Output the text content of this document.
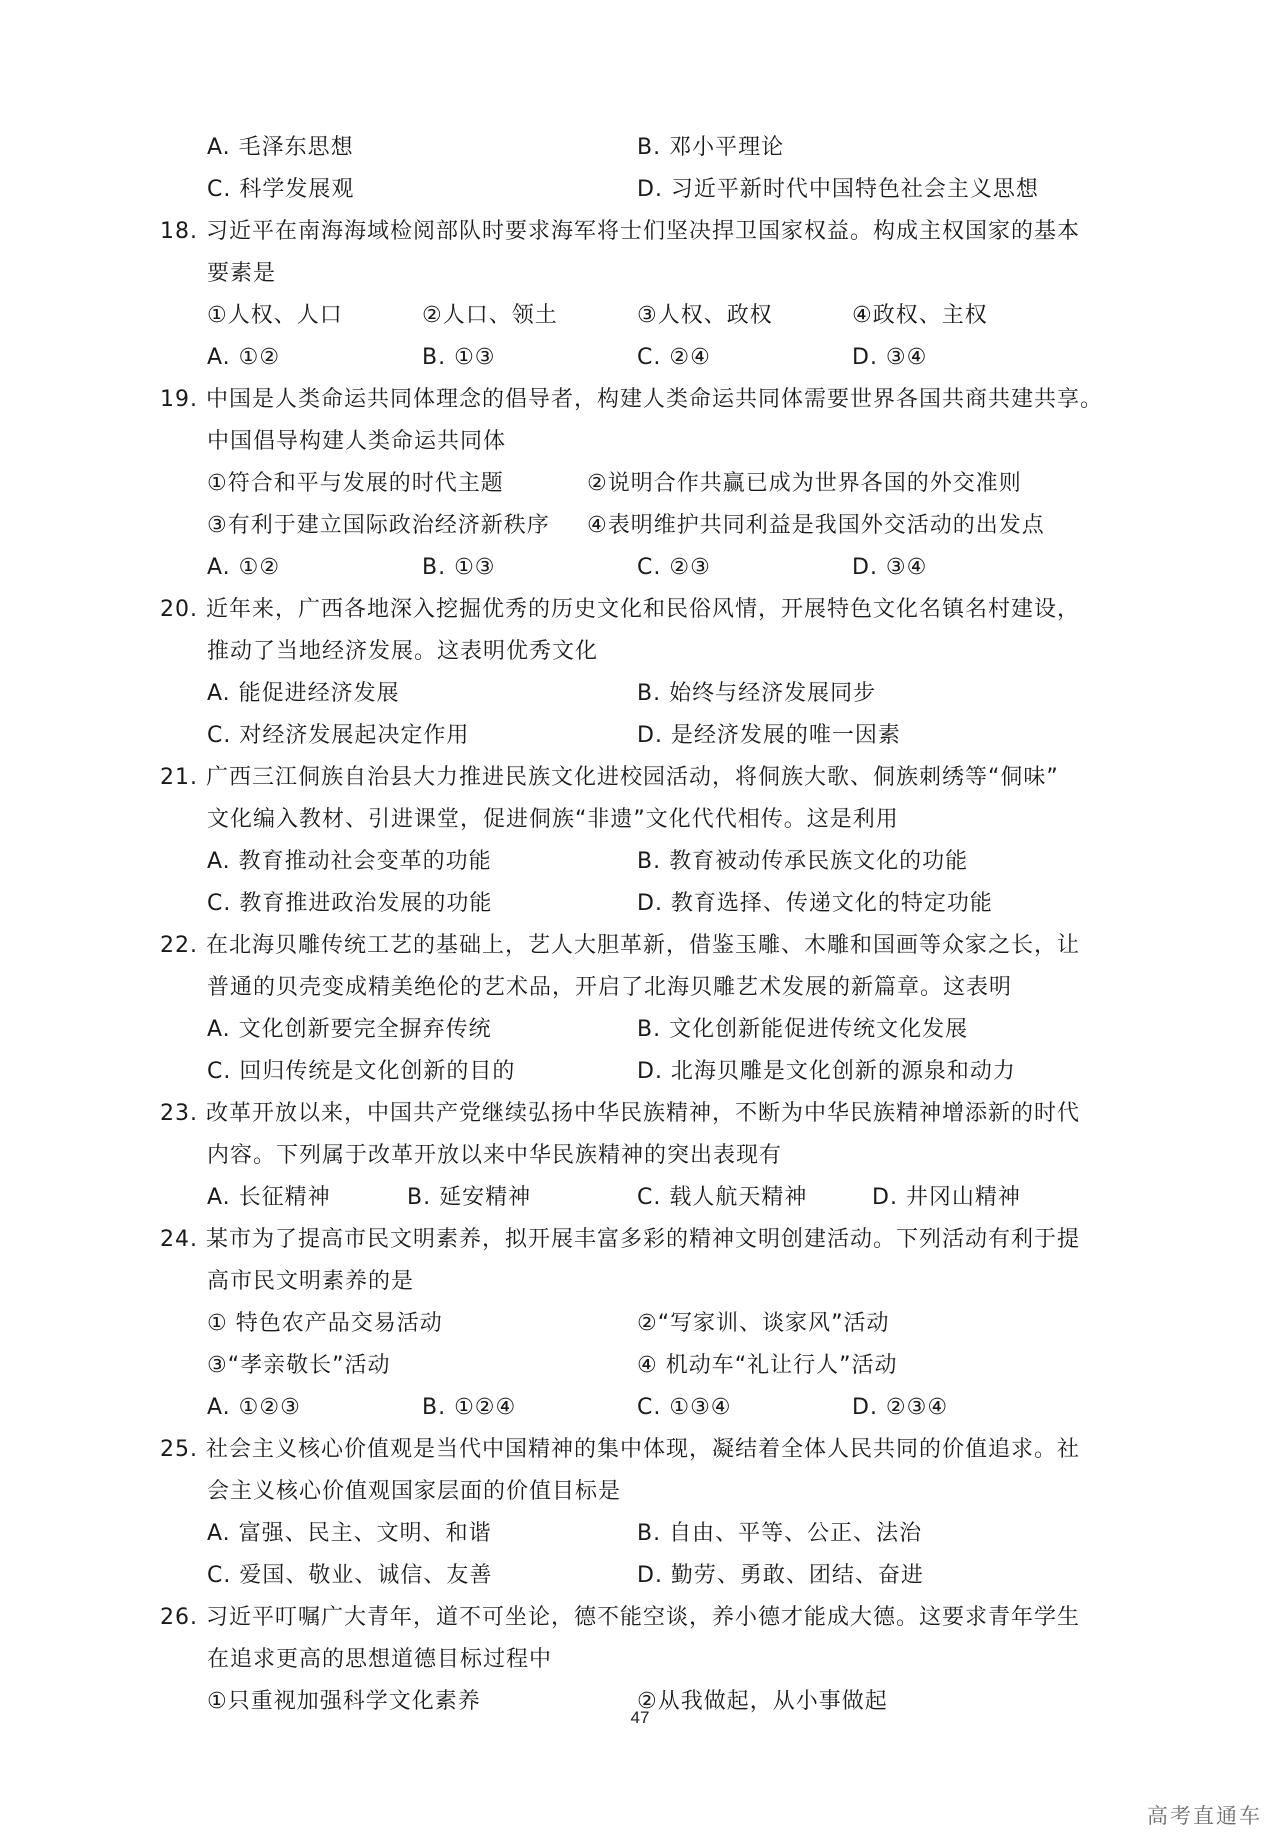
A. 毛泽东思想	B. 邓小平理论
C. 科学发展观	D. 习近平新时代中国特色社会主义思想
18. 习近平在南海海域检阅部队时要求海军将士们坚决捍卫国家权益。构成主权国家的基本
要素是
①人权、人口	②人口、领土	③人权、政权	④政权、主权
A. ①②	B. ①③	C. ②④	D. ③④
19. 中国是人类命运共同体理念的倡导者，构建人类命运共同体需要世界各国共商共建共享。
中国倡导构建人类命运共同体
①符合和平与发展的时代主题	②说明合作共赢已成为世界各国的外交准则
③有利于建立国际政治经济新秩序 ④表明维护共同利益是我国外交活动的出发点
A. ①②	B. ①③	C. ②③	D. ③④
20. 近年来，广西各地深入挖掘优秀的历史文化和民俗风情，开展特色文化名镇名村建设，
推动了当地经济发展。这表明优秀文化
A. 能促进经济发展	B. 始终与经济发展同步
C. 对经济发展起决定作用	D. 是经济发展的唯一因素
21. 广西三江侗族自治县大力推进民族文化进校园活动，将侗族大歌、侗族刺绣等“侗味”
文化编入教材、引进课堂，促进侗族“非遗”文化代代相传。这是利用
A. 教育推动社会变革的功能	B. 教育被动传承民族文化的功能
C. 教育推进政治发展的功能	D. 教育选择、传递文化的特定功能
22. 在北海贝雕传统工艺的基础上，艺人大胆革新，借鉴玉雕、木雕和国画等众家之长，让
普通的贝壳变成精美绝伦的艺术品，开启了北海贝雕艺术发展的新篇章。这表明
A. 文化创新要完全摒弃传统	B. 文化创新能促进传统文化发展
C. 回归传统是文化创新的目的	D. 北海贝雕是文化创新的源泉和动力
23. 改革开放以来，中国共产党继续弘扬中华民族精神，不断为中华民族精神增添新的时代
内容。下列属于改革开放以来中华民族精神的突出表现有
A. 长征精神	B. 延安精神	C. 载人航天精神	D. 井冈山精神
24. 某市为了提高市民文明素养，拟开展丰富多彩的精神文明创建活动。下列活动有利于提
高市民文明素养的是
① 特色农产品交易活动	②“写家训、谈家风”活动
③“孝亲敬长”活动	④ 机动车“礼让行人”活动
A. ①②③	B. ①②④	C. ①③④	D. ②③④
25. 社会主义核心价值观是当代中国精神的集中体现，凝结着全体人民共同的价值追求。社
会主义核心价值观国家层面的价值目标是
A. 富强、民主、文明、和谐	B. 自由、平等、公正、法治
C. 爱国、敬业、诚信、友善	D. 勤劳、勇敢、团结、奋进
26. 习近平叮嘱广大青年，道不可坐论，德不能空谈，养小德才能成大德。这要求青年学生
在追求更高的思想道德目标过程中
①只重视加强科学文化素养	②从我做起，从小事做起
47
高考直通车
